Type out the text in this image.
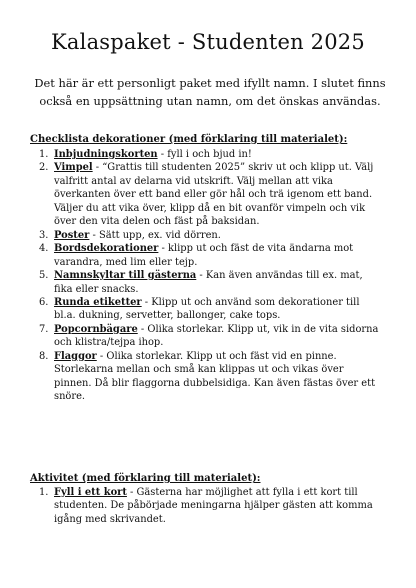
Kalaspaket - Studenten 2025

Det här är ett personligt paket med ifyllt namn. I slutet finns också en uppsättning utan namn, om det önskas användas.

Checklista dekorationer (med förklaring till materialet):
1. Inbjudningskorten - fyll i och bjud in!
2. Vimpel - “Grattis till studenten 2025” skriv ut och klipp ut. Välj valfritt antal av delarna vid utskrift. Välj mellan att vika överkanten över ett band eller gör hål och trä igenom ett band. Väljer du att vika över, klipp då en bit ovanför vimpeln och vik över den vita delen och fäst på baksidan.
3. Poster - Sätt upp, ex. vid dörren.
4. Bordsdekorationer - klipp ut och fäst de vita ändarna mot varandra, med lim eller tejp.
5. Namnskyltar till gästerna - Kan även användas till ex. mat, fika eller snacks.
6. Runda etiketter - Klipp ut och använd som dekorationer till bl.a. dukning, servetter, ballonger, cake tops.
7. Popcornbägare - Olika storlekar. Klipp ut, vik in de vita sidorna och klistra/tejpa ihop.
8. Flaggor - Olika storlekar. Klipp ut och fäst vid en pinne. Storlekarna mellan och små kan klippas ut och vikas över pinnen. Då blir flaggorna dubbelsidiga. Kan även fästas över ett snöre.
Aktivitet (med förklaring till materialet):
1. Fyll i ett kort - Gästerna har möjlighet att fylla i ett kort till studenten. De påbörjade meningarna hjälper gästen att komma igång med skrivandet.
